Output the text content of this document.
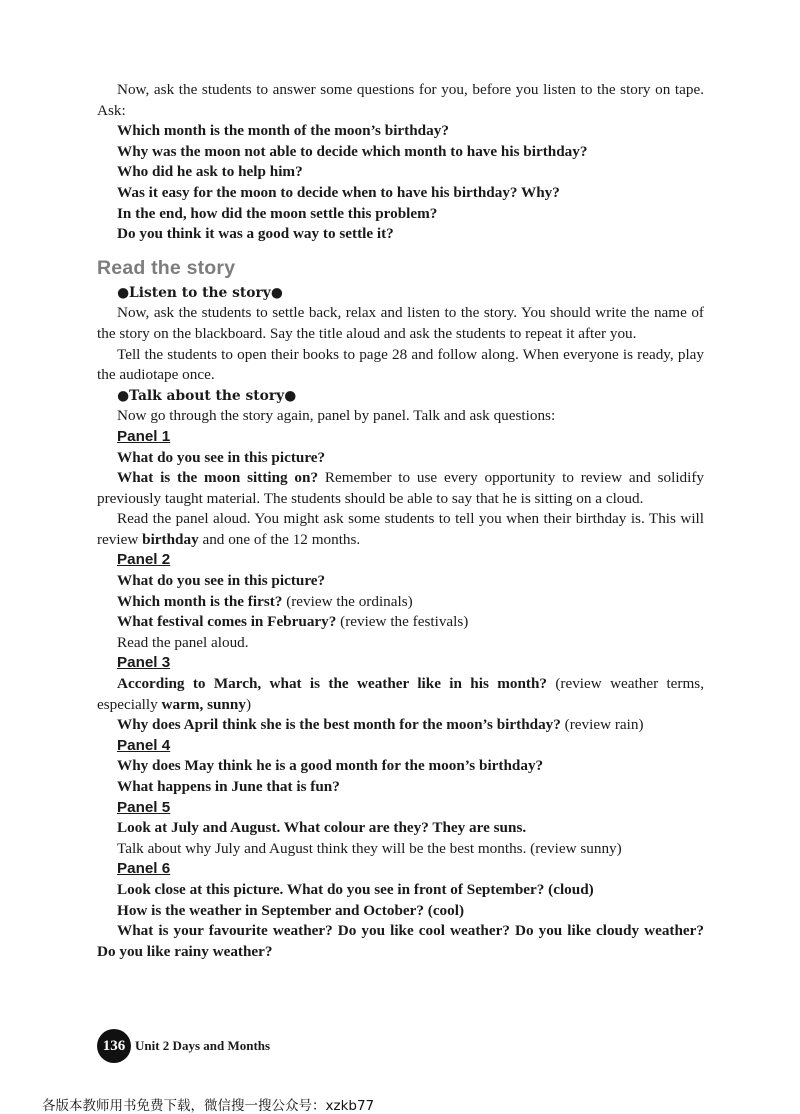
Now, ask the students to answer some questions for you, before you listen to the story on tape. Ask:

Which month is the month of the moon’s birthday?

Why was the moon not able to decide which month to have his birthday?

Who did he ask to help him?

Was it easy for the moon to decide when to have his birthday? Why?

In the end, how did the moon settle this problem?

Do you think it was a good way to settle it?

Read the story

●Listen to the story●

Now, ask the students to settle back, relax and listen to the story. You should write the name of the story on the blackboard. Say the title aloud and ask the students to repeat it after you.

Tell the students to open their books to page 28 and follow along. When everyone is ready, play the audiotape once.

●Talk about the story●

Now go through the story again, panel by panel. Talk and ask questions:

Panel 1

What do you see in this picture?

What is the moon sitting on? Remember to use every opportunity to review and solidify previously taught material. The students should be able to say that he is sitting on a cloud.

Read the panel aloud. You might ask some students to tell you when their birthday is. This will review birthday and one of the 12 months.

Panel 2

What do you see in this picture?

Which month is the first? (review the ordinals)

What festival comes in February? (review the festivals)

Read the panel aloud.

Panel 3

According to March, what is the weather like in his month? (review weather terms, especially warm, sunny)

Why does April think she is the best month for the moon’s birthday? (review rain)

Panel 4

Why does May think he is a good month for the moon’s birthday?

What happens in June that is fun?

Panel 5

Look at July and August. What colour are they? They are suns.

Talk about why July and August think they will be the best months. (review sunny)

Panel 6

Look close at this picture. What do you see in front of September? (cloud)

How is the weather in September and October? (cool)

What is your favourite weather? Do you like cool weather? Do you like cloudy weather? Do you like rainy weather?

136 Unit 2 Days and Months
各版本教师用书免费下载，微信搜一搜公众号：xzkb77
